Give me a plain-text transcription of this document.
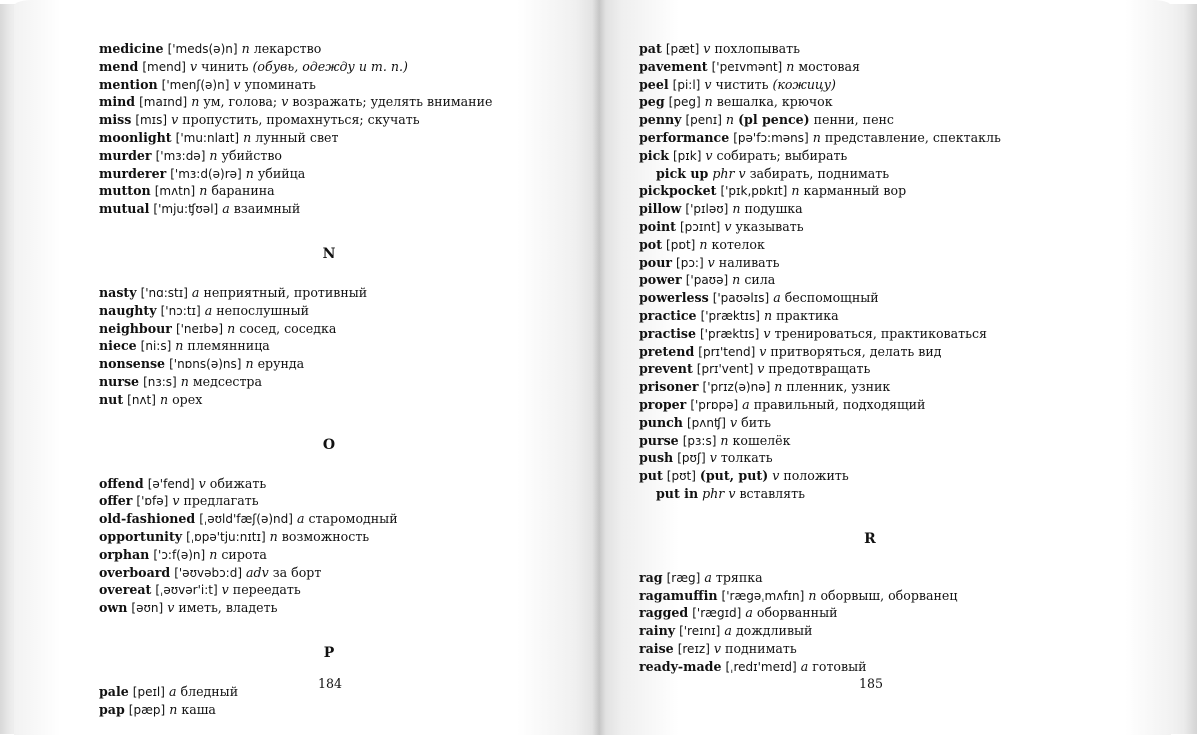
medicine ['meds(ə)n] n лекарство
mend [mend] v чинить (обувь, одежду и т. п.)
mention ['menʃ(ə)n] v упоминать
mind [maɪnd] n ум, голова; v возражать; уделять внимание
miss [mɪs] v пропустить, промахнуться; скучать
moonlight ['mu:nlaɪt] n лунный свет
murder ['mɜ:də] n убийство
murderer ['mɜ:d(ə)rə] n убийца
mutton [mʌtn] n баранина
mutual ['mju:ʧʊəl] a взаимный
N
nasty ['nɑ:stɪ] a неприятный, противный
naughty ['nɔ:tɪ] a непослушный
neighbour ['neɪbə] n сосед, соседка
niece [ni:s] n племянница
nonsense ['nɒns(ə)ns] n ерунда
nurse [nɜ:s] n медсестра
nut [nʌt] n орех
O
offend [ə'fend] v обижать
offer ['ɒfə] v предлагать
old-fashioned [ˌəʊld'fæʃ(ə)nd] a старомодный
opportunity [ˌɒpə'tju:nɪtɪ] n возможность
orphan ['ɔ:f(ə)n] n сирота
overboard ['əʊvəbɔ:d] adv за борт
overeat [ˌəʊvər'i:t] v переедать
own [əʊn] v иметь, владеть
P
pale [peɪl] a бледный
pap [pæp] n каша
184
pat [pæt] v похлопывать
pavement ['peɪvmənt] n мостовая
peel [pi:l] v чистить (кожицу)
peg [peg] n вешалка, крючок
penny [penɪ] n (pl pence) пенни, пенс
performance [pə'fɔ:məns] n представление, спектакль
pick [pɪk] v собирать; выбирать
pick up phr v забирать, поднимать
pickpocket ['pɪk,pɒkɪt] n карманный вор
pillow ['pɪləʊ] n подушка
point [pɔɪnt] v указывать
pot [pɒt] n котелок
pour [pɔ:] v наливать
power ['paʊə] n сила
powerless ['paʊəlɪs] a беспомощный
practice ['præktɪs] n практика
practise ['præktɪs] v тренироваться, практиковаться
pretend [prɪ'tend] v притворяться, делать вид
prevent [prɪ'vent] v предотвращать
prisoner ['prɪz(ə)nə] n пленник, узник
proper ['prɒpə] a правильный, подходящий
punch [pʌnʧ] v бить
purse [pɜ:s] n кошелёк
push [pʊʃ] v толкать
put [pʊt] (put, put) v положить
put in phr v вставлять
R
rag [ræg] a тряпка
ragamuffin ['rægəˌmʌfɪn] n оборвыш, оборванец
ragged ['rægɪd] a оборванный
rainy ['reɪnɪ] a дождливый
raise [reɪz] v поднимать
ready-made [ˌredɪ'meɪd] a готовый
185
